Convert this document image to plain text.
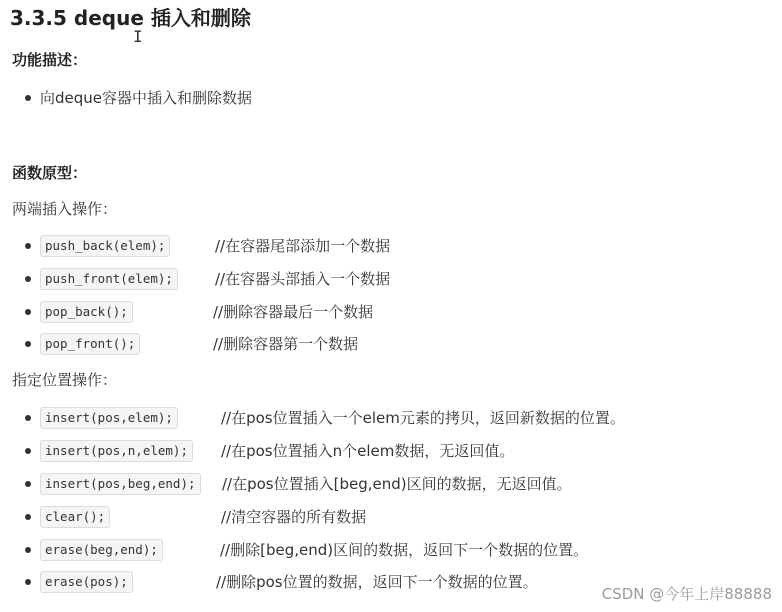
3.3.5 deque 插入和删除
I
功能描述：
向deque容器中插入和删除数据
函数原型：
两端插入操作：
push_back(elem);	//在容器尾部添加一个数据
push_front(elem);	//在容器头部插入一个数据
pop_back();	//删除容器最后一个数据
pop_front();	//删除容器第一个数据
指定位置操作：
insert(pos,elem);	//在pos位置插入一个elem元素的拷贝，返回新数据的位置。
insert(pos,n,elem);	//在pos位置插入n个elem数据，无返回值。
insert(pos,beg,end);	//在pos位置插入[beg,end)区间的数据，无返回值。
clear();	//清空容器的所有数据
erase(beg,end);	//删除[beg,end)区间的数据，返回下一个数据的位置。
erase(pos);	//删除pos位置的数据，返回下一个数据的位置。
CSDN @今年上岸88888
